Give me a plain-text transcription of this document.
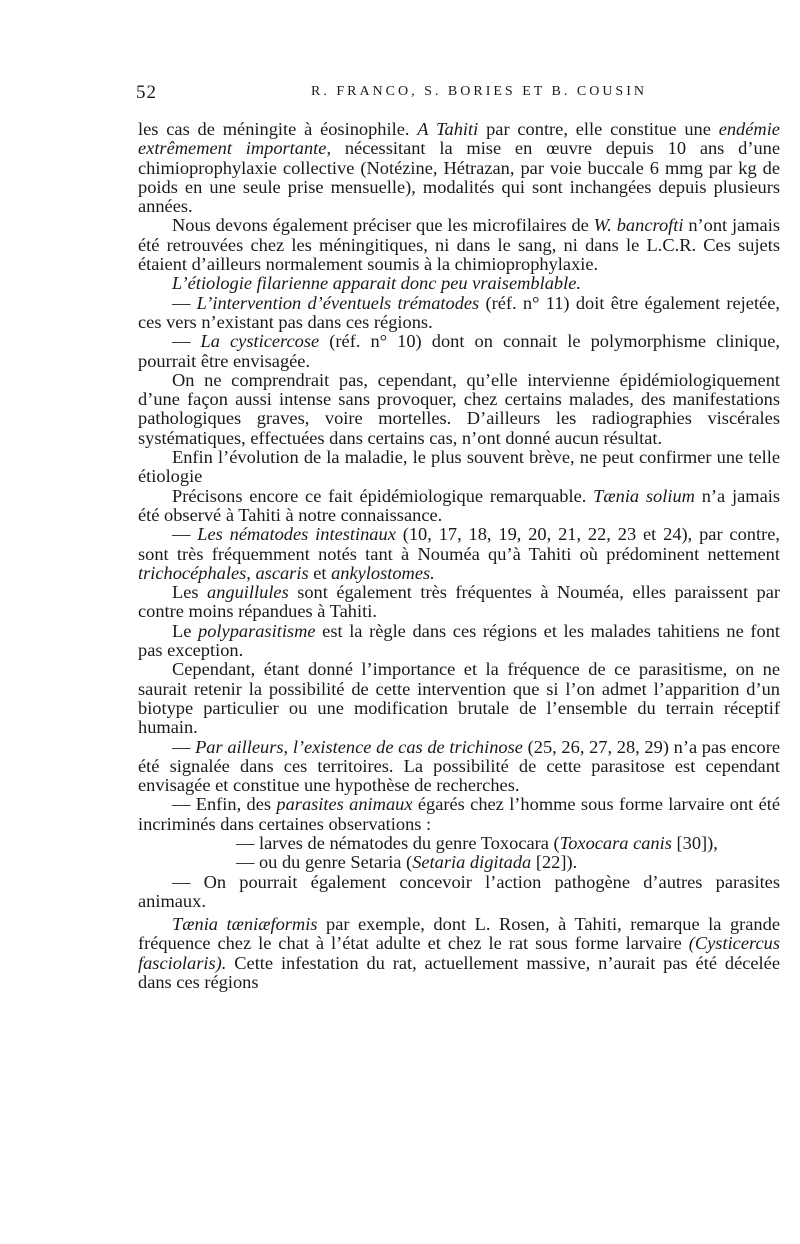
52	R. FRANCO, S. BORIES ET B. COUSIN

les cas de méningite à éosinophile. A Tahiti par contre, elle constitue une endémie extrêmement importante, nécessitant la mise en œuvre depuis 10 ans d’une chimioprophylaxie collective (Notézine, Hétrazan, par voie buccale 6 mmg par kg de poids en une seule prise mensuelle), modalités qui sont inchangées depuis plusieurs années.

Nous devons également préciser que les microfilaires de W. bancrofti n’ont jamais été retrouvées chez les méningitiques, ni dans le sang, ni dans le L.C.R. Ces sujets étaient d’ailleurs normalement soumis à la chimioprophylaxie.

L’étiologie filarienne apparait donc peu vraisemblable.

— L’intervention d’éventuels trématodes (réf. n° 11) doit être également rejetée, ces vers n’existant pas dans ces régions.

— La cysticercose (réf. n° 10) dont on connait le polymorphisme clinique, pourrait être envisagée.

On ne comprendrait pas, cependant, qu’elle intervienne épidémiologiquement d’une façon aussi intense sans provoquer, chez certains malades, des manifestations pathologiques graves, voire mortelles. D’ailleurs les radiographies viscérales systématiques, effectuées dans certains cas, n’ont donné aucun résultat.

Enfin l’évolution de la maladie, le plus souvent brève, ne peut confirmer une telle étiologie

Précisons encore ce fait épidémiologique remarquable. Tænia solium n’a jamais été observé à Tahiti à notre connaissance.

— Les nématodes intestinaux (10, 17, 18, 19, 20, 21, 22, 23 et 24), par contre, sont très fréquemment notés tant à Nouméa qu’à Tahiti où prédominent nettement trichocéphales, ascaris et ankylostomes.

Les anguillules sont également très fréquentes à Nouméa, elles paraissent par contre moins répandues à Tahiti.

Le polyparasitisme est la règle dans ces régions et les malades tahitiens ne font pas exception.

Cependant, étant donné l’importance et la fréquence de ce parasitisme, on ne saurait retenir la possibilité de cette intervention que si l’on admet l’apparition d’un biotype particulier ou une modification brutale de l’ensemble du terrain réceptif humain.

— Par ailleurs, l’existence de cas de trichinose (25, 26, 27, 28, 29) n’a pas encore été signalée dans ces territoires. La possibilité de cette parasitose est cependant envisagée et constitue une hypothèse de recherches.

— Enfin, des parasites animaux égarés chez l’homme sous forme larvaire ont été incriminés dans certaines observations :

— larves de nématodes du genre Toxocara (Toxocara canis [30]),

— ou du genre Setaria (Setaria digitada [22]).

— On pourrait également concevoir l’action pathogène d’autres parasites animaux.

Tænia tæniæformis par exemple, dont L. Rosen, à Tahiti, remarque la grande fréquence chez le chat à l’état adulte et chez le rat sous forme larvaire (Cysticercus fasciolaris). Cette infestation du rat, actuellement massive, n’aurait pas été décelée dans ces régions
